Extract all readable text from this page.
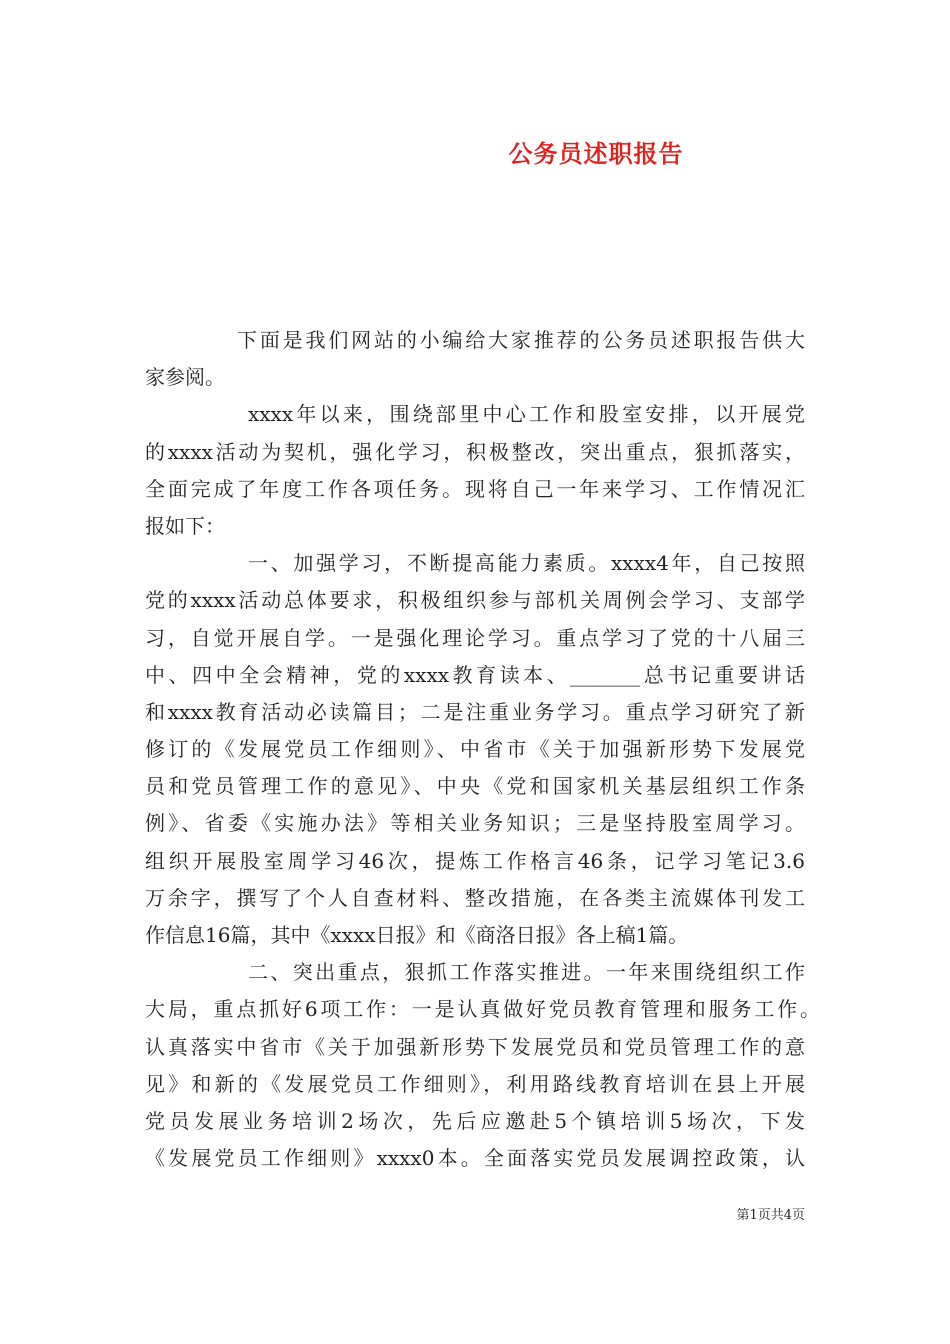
公务员述职报告
下面是我们网站的小编给大家推荐的公务员述职报告供大
家参阅。
xxxx年以来，围绕部里中心工作和股室安排，以开展党
的xxxx活动为契机，强化学习，积极整改，突出重点，狠抓落实，
全面完成了年度工作各项任务。现将自己一年来学习、工作情况汇
报如下：
一、加强学习，不断提高能力素质。xxxx4年，自己按照
党的xxxx活动总体要求，积极组织参与部机关周例会学习、支部学
习，自觉开展自学。一是强化理论学习。重点学习了党的十八届三
中、四中全会精神，党的xxxx教育读本、_______总书记重要讲话
和xxxx教育活动必读篇目；二是注重业务学习。重点学习研究了新
修订的《发展党员工作细则》、中省市《关于加强新形势下发展党
员和党员管理工作的意见》、中央《党和国家机关基层组织工作条
例》、省委《实施办法》等相关业务知识；三是坚持股室周学习。
组织开展股室周学习46次，提炼工作格言46条，记学习笔记3.6
万余字，撰写了个人自查材料、整改措施，在各类主流媒体刊发工
作信息16篇，其中《xxxx日报》和《商洛日报》各上稿1篇。
二、突出重点，狠抓工作落实推进。一年来围绕组织工作
大局，重点抓好6项工作：一是认真做好党员教育管理和服务工作。
认真落实中省市《关于加强新形势下发展党员和党员管理工作的意
见》和新的《发展党员工作细则》，利用路线教育培训在县上开展
党员发展业务培训2场次，先后应邀赴5个镇培训5场次，下发
《发展党员工作细则》xxxx0本。全面落实党员发展调控政策，认
第1页共4页
